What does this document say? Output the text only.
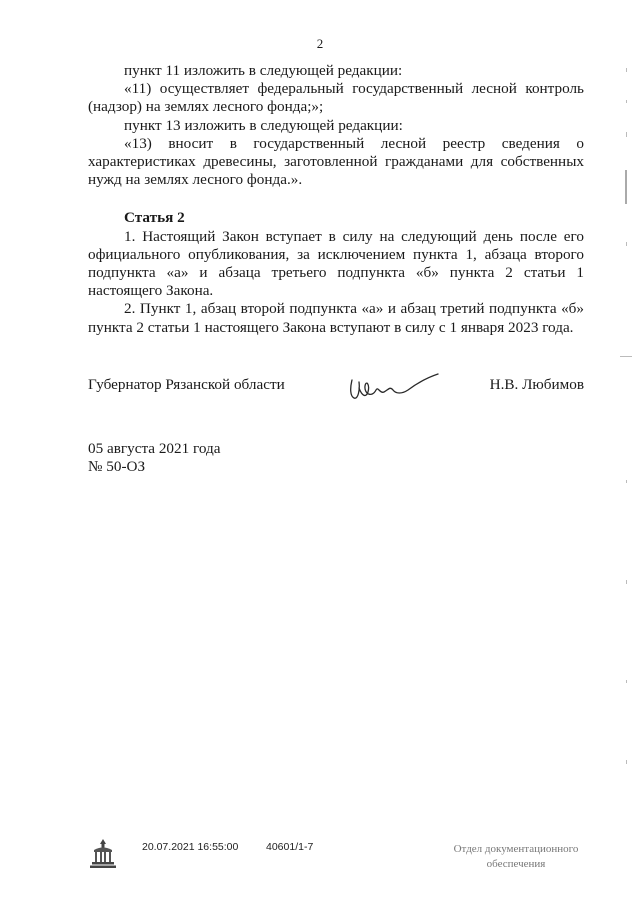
2

пункт 11 изложить в следующей редакции:

«11) осуществляет федеральный государственный лесной контроль (надзор) на землях лесного фонда;»;

пункт 13 изложить в следующей редакции:

«13) вносит в государственный лесной реестр сведения о характеристиках древесины, заготовленной гражданами для собственных нужд на землях лесного фонда.».

Статья 2

1. Настоящий Закон вступает в силу на следующий день после его официального опубликования, за исключением пункта 1, абзаца второго подпункта «а» и абзаца третьего подпункта «б» пункта 2 статьи 1 настоящего Закона.

2. Пункт 1, абзац второй подпункта «а» и абзац третий подпункта «б» пункта 2 статьи 1 настоящего Закона вступают в силу с 1 января 2023 года.

Губернатор Рязанской области	Н.В. Любимов
05 августа 2021 года
№ 50-ОЗ
20.07.2021 16:55:00	40601/1-7	Отдел документационного
обеспечения
